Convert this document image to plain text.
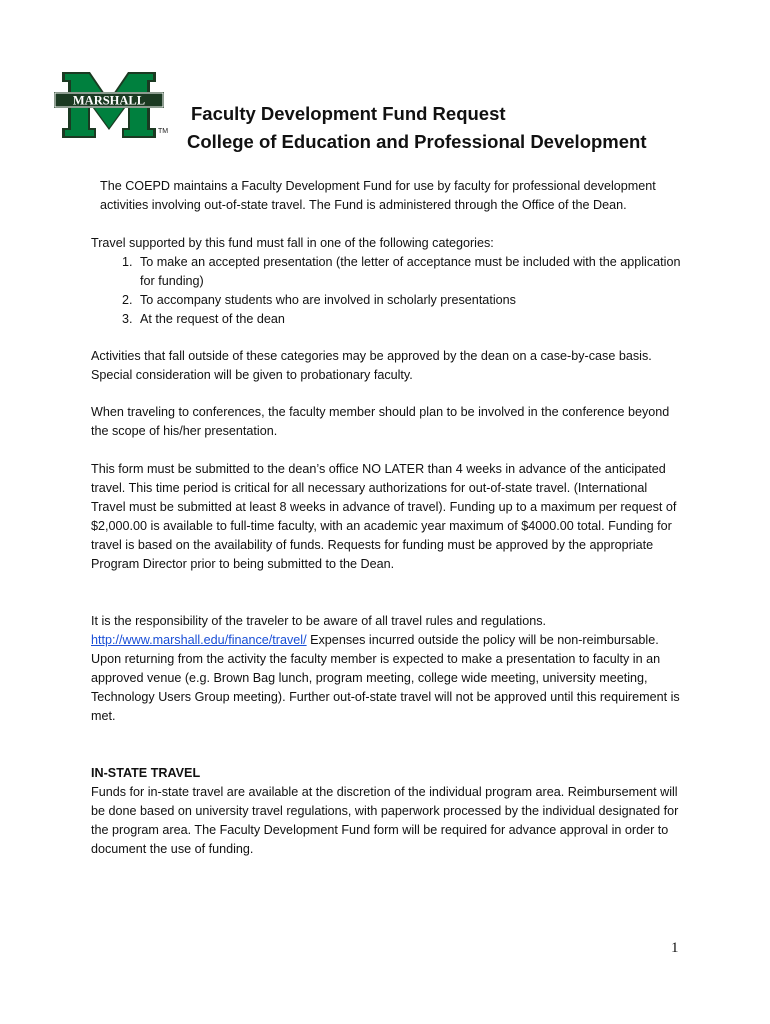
MARSHALL
TM
Faculty Development Fund Request
College of Education and Professional Development
The COEPD maintains a Faculty Development Fund for use by faculty for professional development activities involving out-of-state travel. The Fund is administered through the Office of the Dean.
Travel supported by this fund must fall in one of the following categories:
1. To make an accepted presentation (the letter of acceptance must be included with the application for funding)
2. To accompany students who are involved in scholarly presentations
3. At the request of the dean
Activities that fall outside of these categories may be approved by the dean on a case-by-case basis. Special consideration will be given to probationary faculty.
When traveling to conferences, the faculty member should plan to be involved in the conference beyond the scope of his/her presentation.
This form must be submitted to the dean’s office NO LATER than 4 weeks in advance of the anticipated travel. This time period is critical for all necessary authorizations for out-of-state travel. (International Travel must be submitted at least 8 weeks in advance of travel). Funding up to a maximum per request of $2,000.00 is available to full-time faculty, with an academic year maximum of $4000.00 total. Funding for travel is based on the availability of funds. Requests for funding must be approved by the appropriate Program Director prior to being submitted to the Dean.
It is the responsibility of the traveler to be aware of all travel rules and regulations.
http://www.marshall.edu/finance/travel/ Expenses incurred outside the policy will be non-reimbursable.
Upon returning from the activity the faculty member is expected to make a presentation to faculty in an approved venue (e.g. Brown Bag lunch, program meeting, college wide meeting, university meeting, Technology Users Group meeting). Further out-of-state travel will not be approved until this requirement is met.
IN-STATE TRAVEL
Funds for in-state travel are available at the discretion of the individual program area. Reimbursement will be done based on university travel regulations, with paperwork processed by the individual designated for the program area. The Faculty Development Fund form will be required for advance approval in order to document the use of funding.
1
